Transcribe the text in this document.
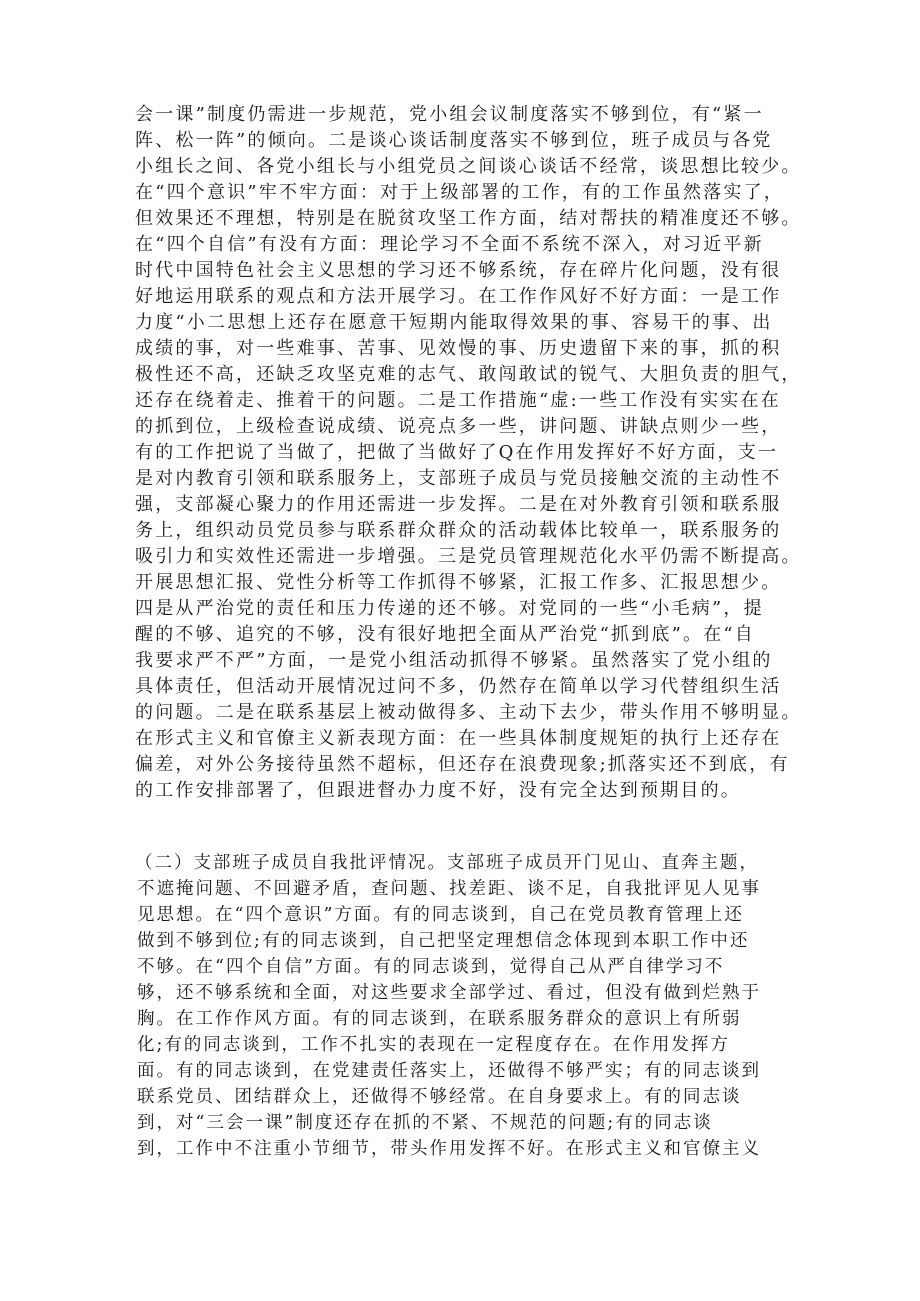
会一课”制度仍需进一步规范，党小组会议制度落实不够到位，有“紧一
阵、松一阵”的倾向。二是谈心谈话制度落实不够到位，班子成员与各党
小组长之间、各党小组长与小组党员之间谈心谈话不经常，谈思想比较少。
在“四个意识”牢不牢方面：对于上级部署的工作，有的工作虽然落实了，
但效果还不理想，特别是在脱贫攻坚工作方面，结对帮扶的精准度还不够。
在“四个自信”有没有方面：理论学习不全面不系统不深入，对习近平新
时代中国特色社会主义思想的学习还不够系统，存在碎片化问题，没有很
好地运用联系的观点和方法开展学习。在工作作风好不好方面：一是工作
力度“小二思想上还存在愿意干短期内能取得效果的事、容易干的事、出
成绩的事，对一些难事、苦事、见效慢的事、历史遗留下来的事，抓的积
极性还不高，还缺乏攻坚克难的志气、敢闯敢试的锐气、大胆负责的胆气，
还存在绕着走、推着干的问题。二是工作措施“虚:一些工作没有实实在在
的抓到位，上级检查说成绩、说亮点多一些，讲问题、讲缺点则少一些，
有的工作把说了当做了，把做了当做好了Q在作用发挥好不好方面，支一
是对内教育引领和联系服务上，支部班子成员与党员接触交流的主动性不
强，支部凝心聚力的作用还需进一步发挥。二是在对外教育引领和联系服
务上，组织动员党员参与联系群众群众的活动载体比较单一，联系服务的
吸引力和实效性还需进一步增强。三是党员管理规范化水平仍需不断提高。
开展思想汇报、党性分析等工作抓得不够紧，汇报工作多、汇报思想少。
四是从严治党的责任和压力传递的还不够。对党同的一些“小毛病”，提
醒的不够、追究的不够，没有很好地把全面从严治党“抓到底”。在“自
我要求严不严”方面，一是党小组活动抓得不够紧。虽然落实了党小组的
具体责任，但活动开展情况过问不多，仍然存在简单以学习代替组织生活
的问题。二是在联系基层上被动做得多、主动下去少，带头作用不够明显。
在形式主义和官僚主义新表现方面：在一些具体制度规矩的执行上还存在
偏差，对外公务接待虽然不超标，但还存在浪费现象;抓落实还不到底，有
的工作安排部署了，但跟进督办力度不好，没有完全达到预期目的。
（二）支部班子成员自我批评情况。支部班子成员开门见山、直奔主题，
不遮掩问题、不回避矛盾，查问题、找差距、谈不足，自我批评见人见事
见思想。在“四个意识”方面。有的同志谈到，自己在党员教育管理上还
做到不够到位;有的同志谈到，自己把坚定理想信念体现到本职工作中还
不够。在“四个自信”方面。有的同志谈到，觉得自己从严自律学习不
够，还不够系统和全面，对这些要求全部学过、看过，但没有做到烂熟于
胸。在工作作风方面。有的同志谈到，在联系服务群众的意识上有所弱
化;有的同志谈到，工作不扎实的表现在一定程度存在。在作用发挥方
面。有的同志谈到，在党建责任落实上，还做得不够严实；有的同志谈到
联系党员、团结群众上，还做得不够经常。在自身要求上。有的同志谈
到，对“三会一课”制度还存在抓的不紧、不规范的问题;有的同志谈
到，工作中不注重小节细节，带头作用发挥不好。在形式主义和官僚主义
